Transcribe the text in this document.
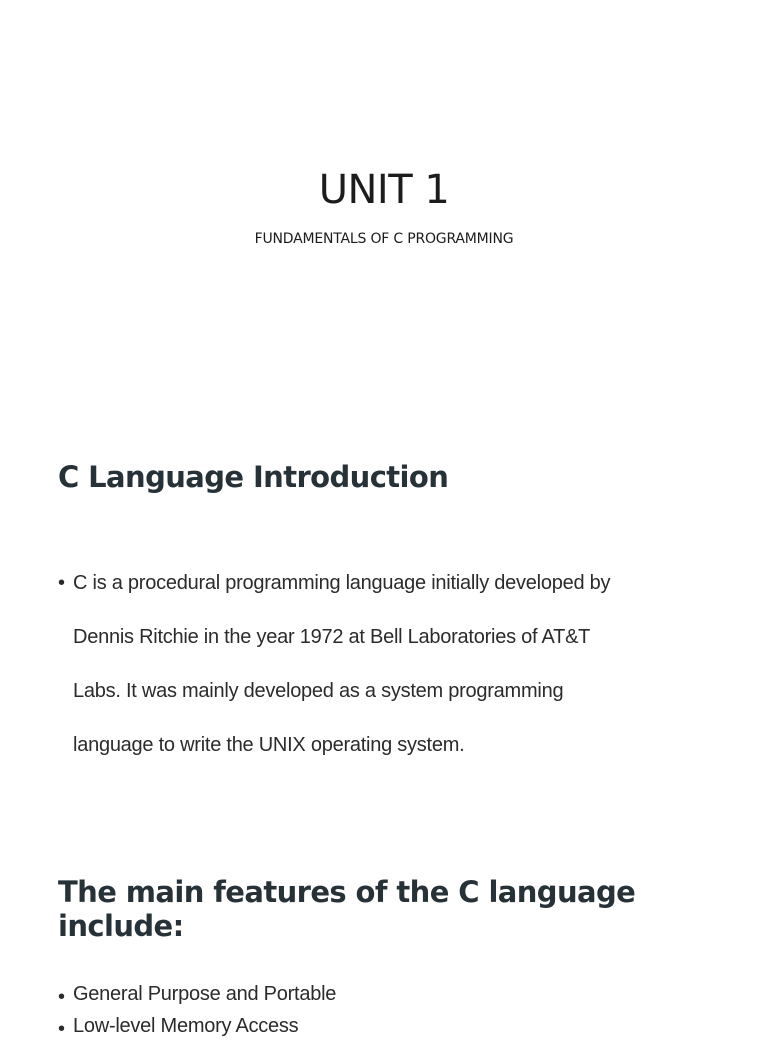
UNIT 1

FUNDAMENTALS OF C PROGRAMMING

C Language Introduction
• C is a procedural programming language initially developed by
Dennis Ritchie in the year 1972 at Bell Laboratories of AT&T
Labs. It was mainly developed as a system programming
language to write the UNIX operating system.
The main features of the C language include:
• General Purpose and Portable
• Low-level Memory Access
